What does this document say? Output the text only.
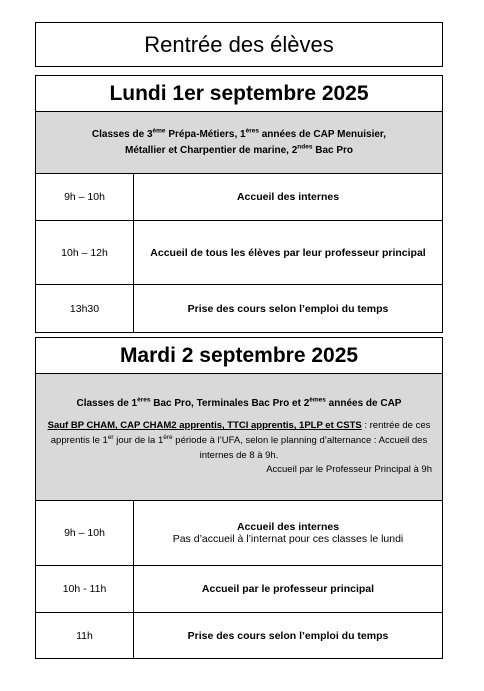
Rentrée des élèves
Lundi 1er septembre 2025	
Classes de 3ème Prépa-Métiers, 1ères années de CAP Menuisier,
Métallier et Charpentier de marine, $2^{ndes}$ Bac Pro	
9h – 10h	Accueil des internes
10h – 12h	Accueil de tous les élèves par leur professeur principal
13h30	Prise des cours selon l’emploi du temps
Mardi 2 septembre 2025	
Classes de 1ères Bac Pro, Terminales Bac Pro et 2èmes années de CAP
Sauf BP CHAM, CAP CHAM2 apprentis, TTCI apprentis, 1PLP et CSTS : rentrée de ces apprentis le 1er jour de la 1ère période à l’UFA, selon le planning d’alternance : Accueil des internes de 8 à 9h.
Accueil par le Professeur Principal à 9h	

9h – 10h	Accueil des internes
Pas d’accueil à l’internat pour ces classes le lundi

10h - 11h	Accueil par le professeur principal
11h	Prise des cours selon l’emploi du temps
